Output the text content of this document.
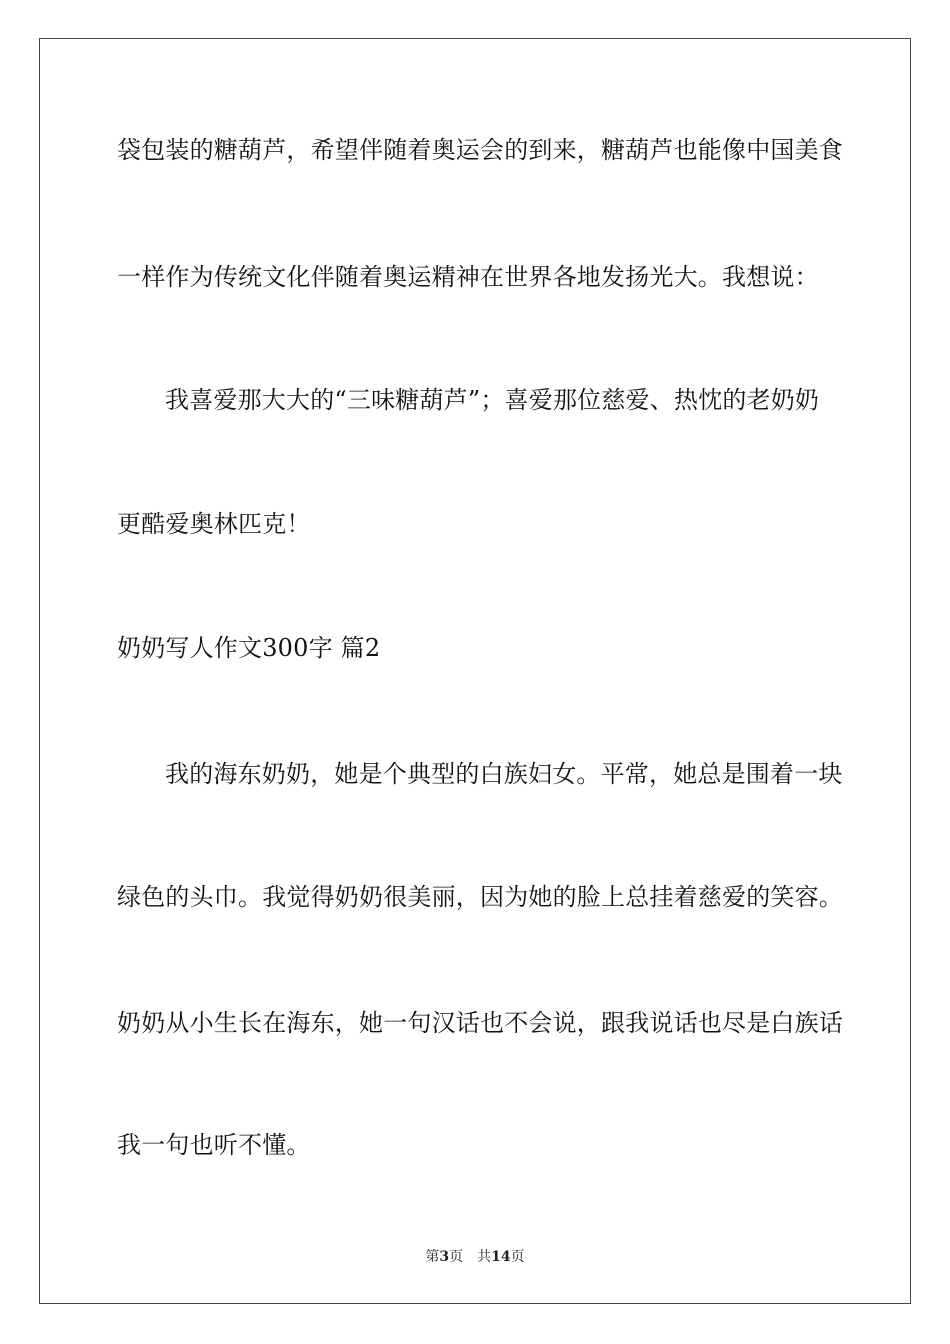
袋包装的糖葫芦，希望伴随着奥运会的到来，糖葫芦也能像中国美食
一样作为传统文化伴随着奥运精神在世界各地发扬光大。我想说：
我喜爱那大大的“三味糖葫芦”；喜爱那位慈爱、热忱的老奶奶
更酷爱奥林匹克！
奶奶写人作文300字 篇2
我的海东奶奶，她是个典型的白族妇女。平常，她总是围着一块
绿色的头巾。我觉得奶奶很美丽，因为她的脸上总挂着慈爱的笑容。
奶奶从小生长在海东，她一句汉话也不会说，跟我说话也尽是白族话
我一句也听不懂。
第3页 共14页
